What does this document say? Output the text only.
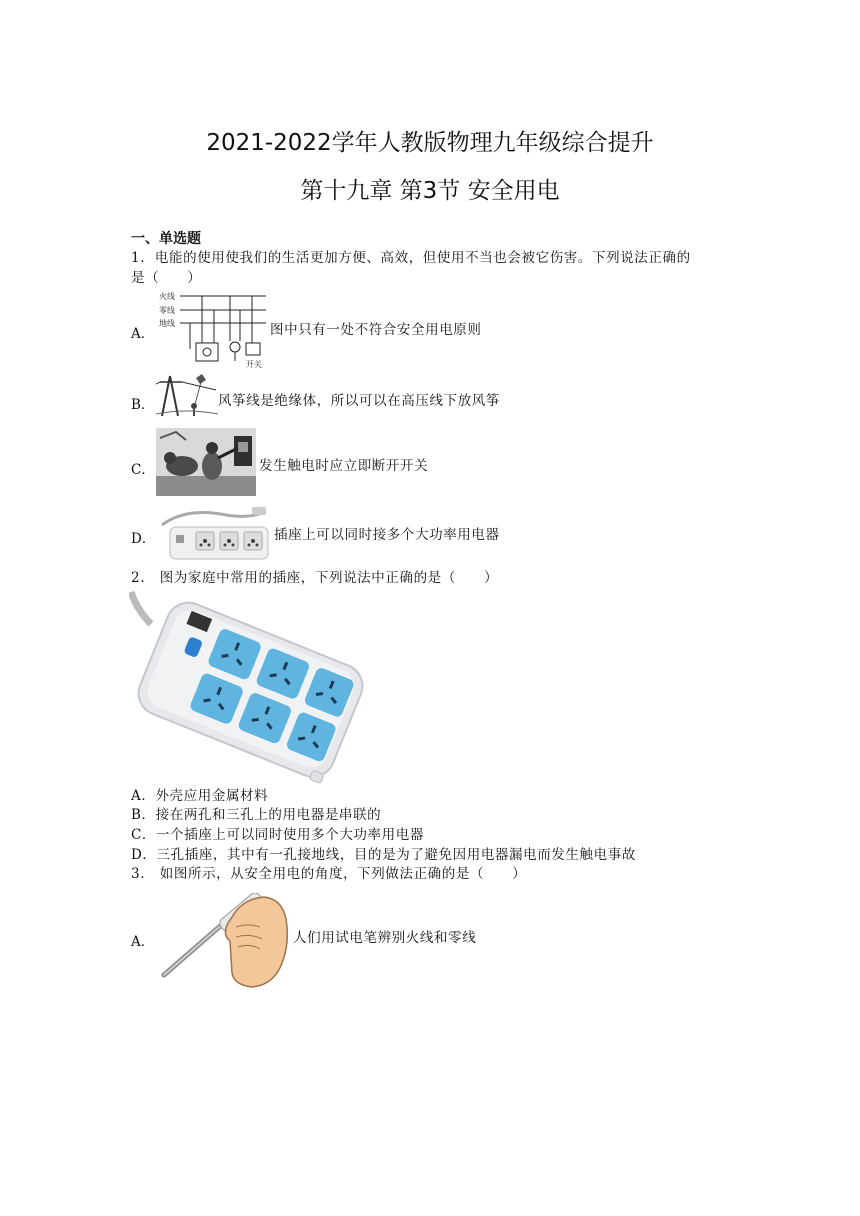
2021-2022学年人教版物理九年级综合提升
第十九章 第3节 安全用电
一、单选题
1. 电能的使用使我们的生活更加方便、高效，但使用不当也会被它伤害。下列说法正确的
是（　　）
A．
火线
零线
地线
开关
图中只有一处不符合安全用电原则
B．	风筝线是绝缘体，所以可以在高压线下放风筝
C．	发生触电时应立即断开开关
D．	插座上可以同时接多个大功率用电器
2. 图为家庭中常用的插座，下列说法中正确的是（　　）
A．外壳应用金属材料
B．接在两孔和三孔上的用电器是串联的
C．一个插座上可以同时使用多个大功率用电器
D．三孔插座，其中有一孔接地线，目的是为了避免因用电器漏电而发生触电事故
3. 如图所示，从安全用电的角度，下列做法正确的是（　　）
A．	人们用试电笔辨别火线和零线
